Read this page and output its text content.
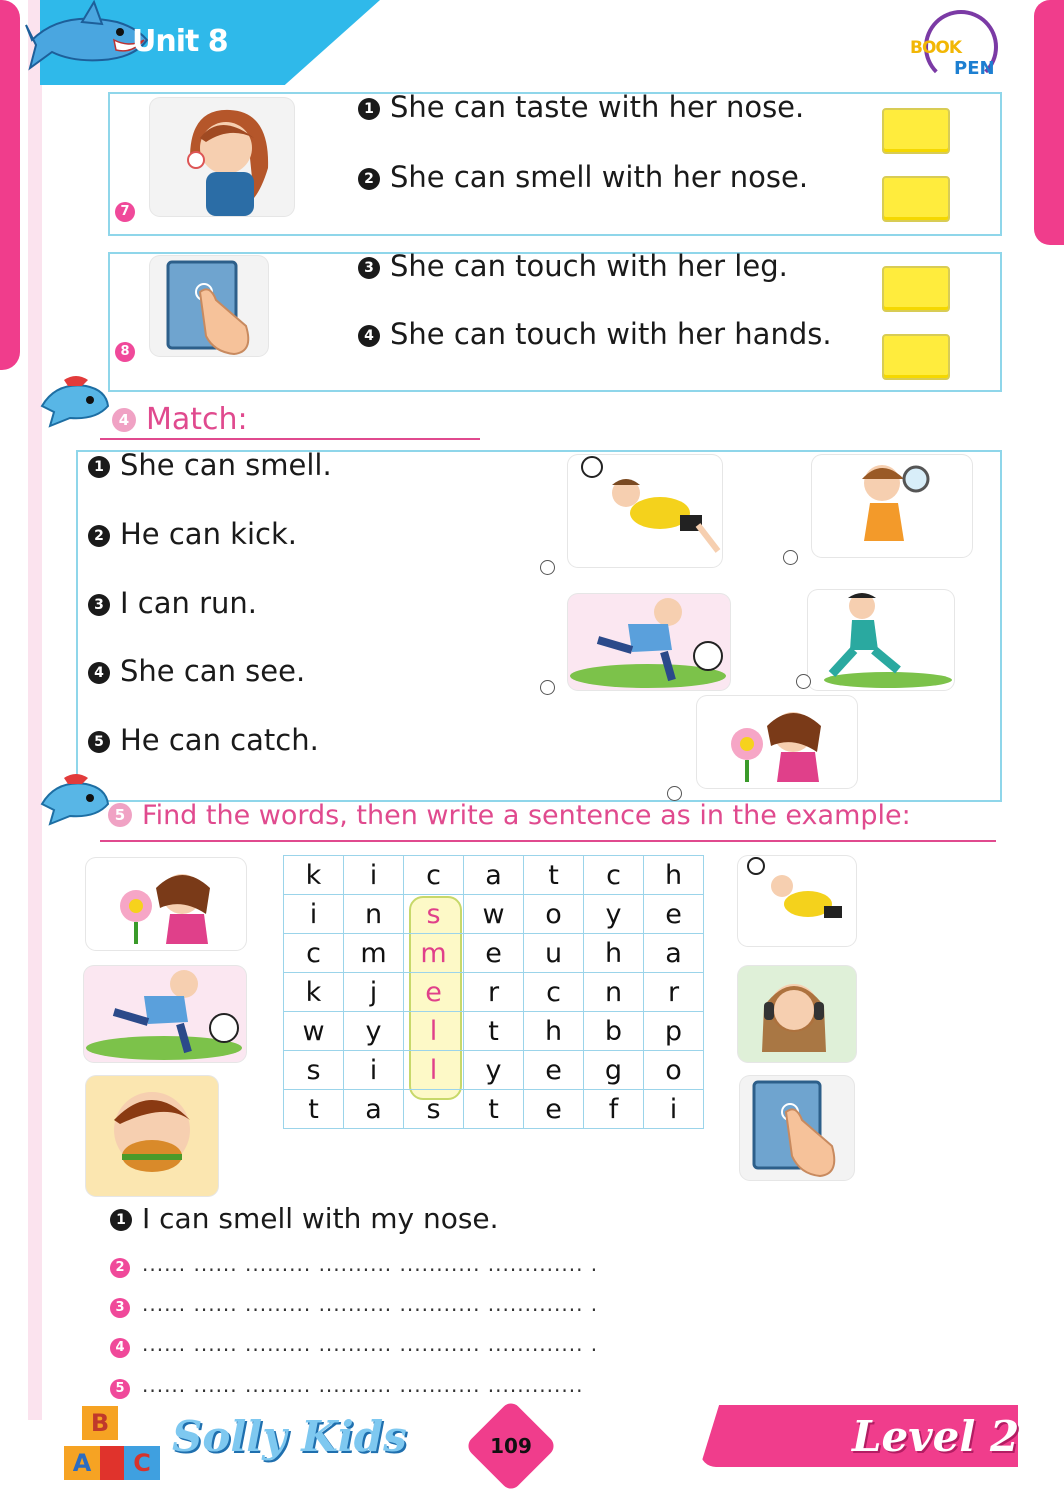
Unit 8	BOOK
PEN
7
1 She can taste with her nose.
2 She can smell with her nose.
8
3 She can touch with her leg.
4 She can touch with her hands.
4 Match:
1 She can smell.
2 He can kick.
3 I can run.
4 She can see.
5 He can catch.
5 Find the words, then write a sentence as in the example:
k	i	c	a	t	c	h
i	n	s	w	o	y	e
c	m	m	e	u	h	a
k	j	e	r	c	n	r
w	y	l	t	h	b	p
s	i	l	y	e	g	o
t	a	s	t	e	f	i
1 I can smell with my nose.
2 ...... ...... ......... .......... ........... ............. .
3 ...... ...... ......... .......... ........... ............. .
4 ...... ...... ......... .......... ........... ............. .
5 ...... ...... ......... .......... ........... .............
B
A	C
Solly Kids	109	Level 2
